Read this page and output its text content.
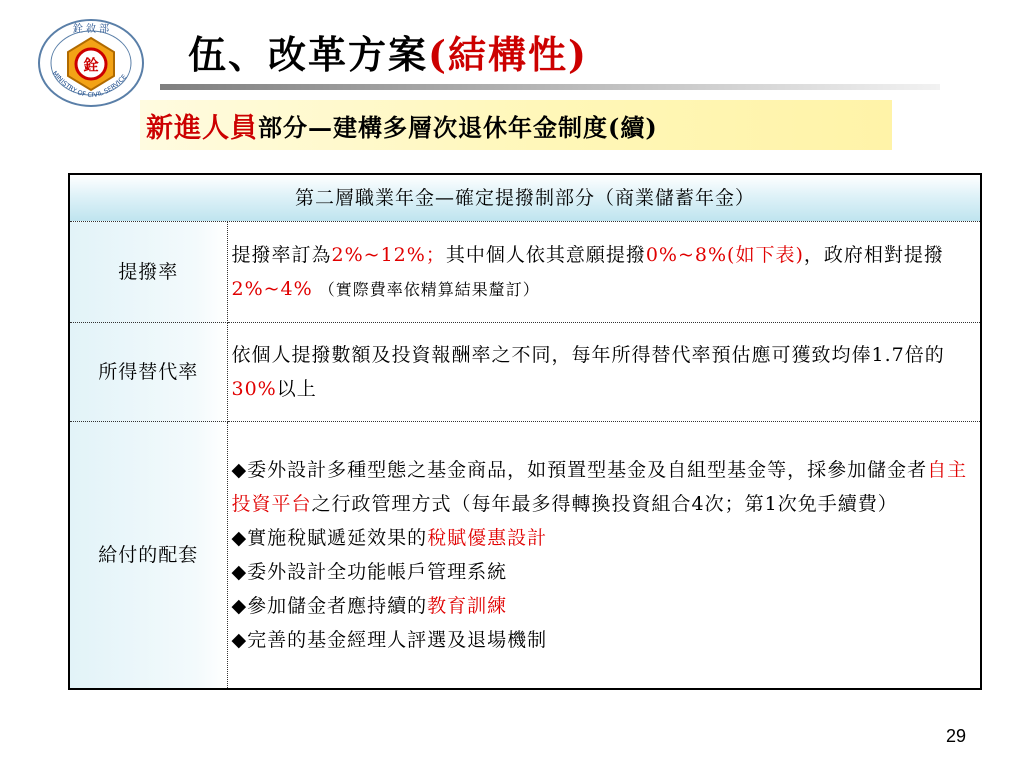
銓
銓 敘 部
MINISTRY OF CIVIL SERVICE
伍、改革方案(結構性)
新進人員 部分—建構多層次退休年金制度(續)
第二層職業年金—確定提撥制部分（商業儲蓄年金）	
提撥率	提撥率訂為2%~12%；其中個人依其意願提撥0%~8%(如下表)，政府相對提撥2%~4% （實際費率依精算結果釐訂）
所得替代率	依個人提撥數額及投資報酬率之不同，每年所得替代率預估應可獲致均俸1.7倍的30%以上
給付的配套	◆委外設計多種型態之基金商品，如預置型基金及自組型基金等，採參加儲金者自主投資平台之行政管理方式（每年最多得轉換投資組合4次；第1次免手續費）
◆實施稅賦遞延效果的稅賦優惠設計
◆委外設計全功能帳戶管理系統
◆參加儲金者應持續的教育訓練
◆完善的基金經理人評選及退場機制
29
